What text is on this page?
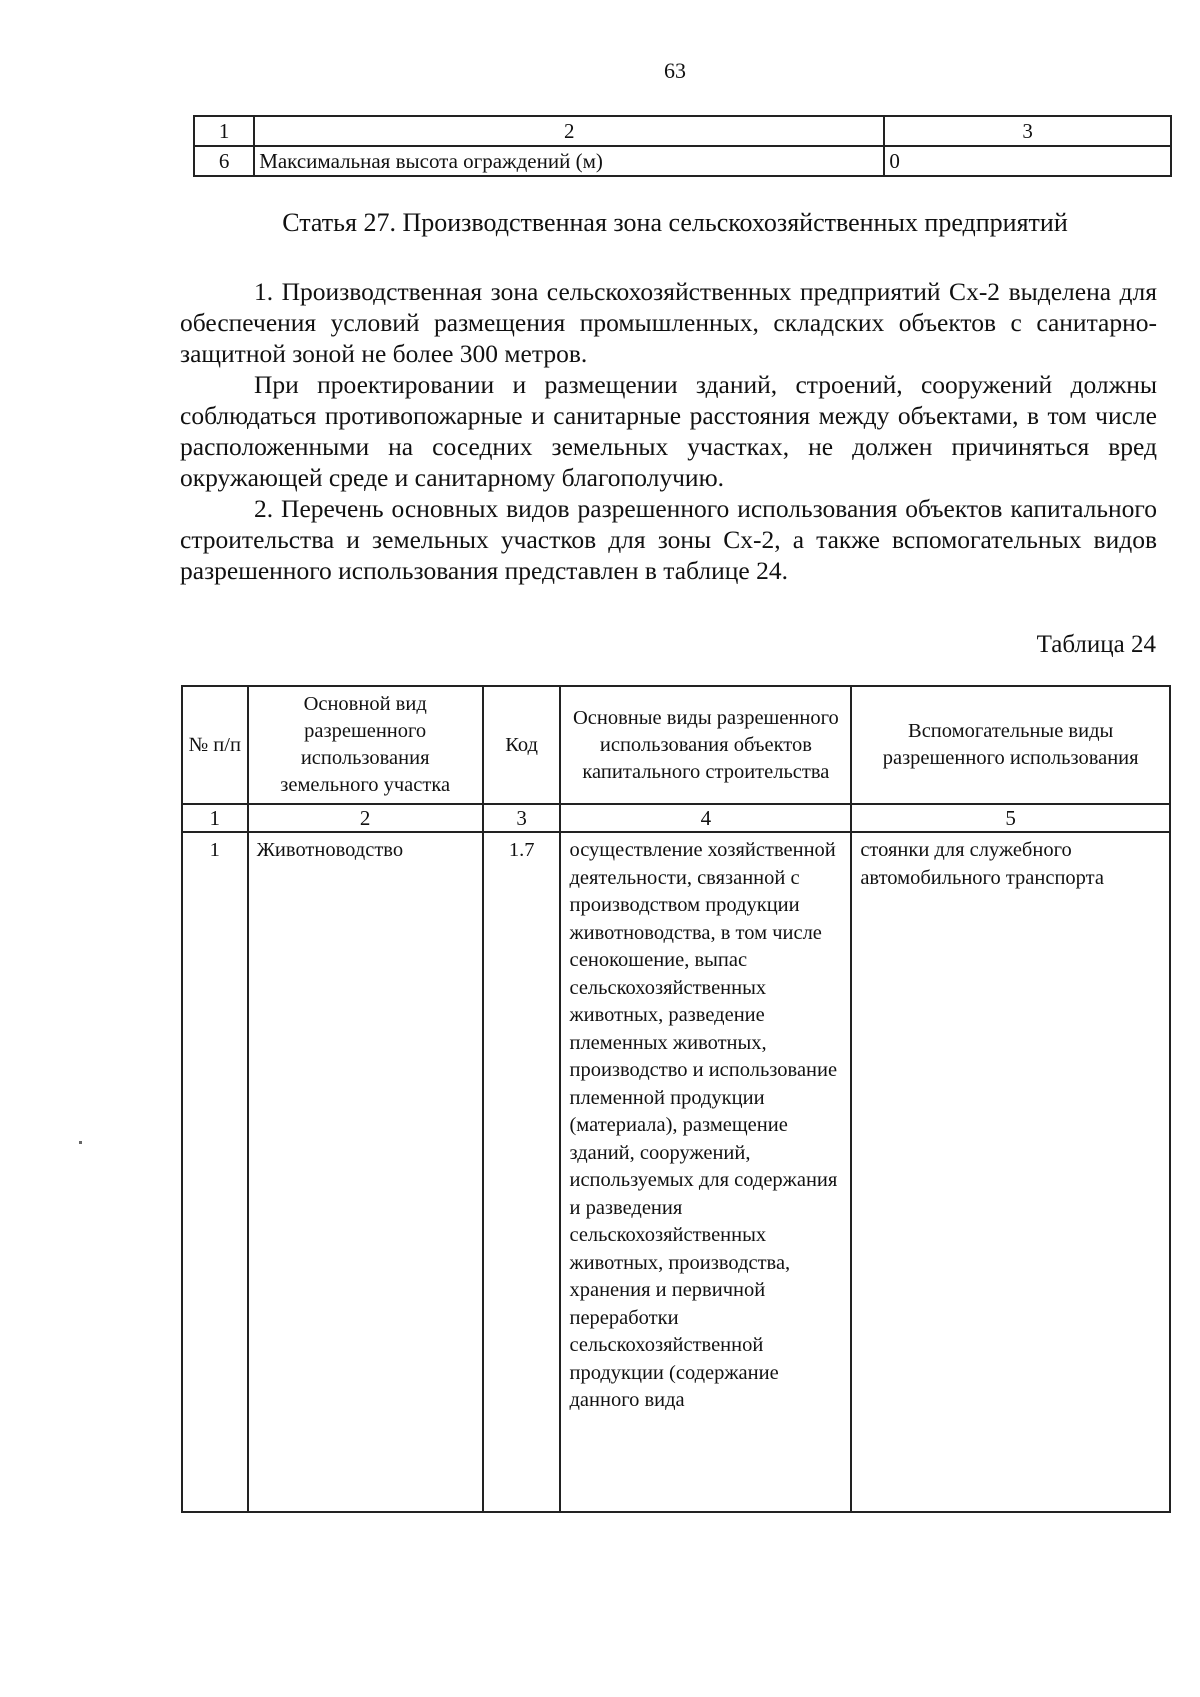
63
1	2	3
6	Максимальная высота ограждений (м)	0
Статья 27. Производственная зона сельскохозяйственных предприятий

1. Производственная зона сельскохозяйственных предприятий Сх-2 выделена для обеспечения условий размещения промышленных, складских объектов с санитарно-защитной зоной не более 300 метров.

При проектировании и размещении зданий, строений, сооружений должны соблюдаться противопожарные и санитарные расстояния между объектами, в том числе расположенными на соседних земельных участках, не должен причиняться вред окружающей среде и санитарному благополучию.

2. Перечень основных видов разрешенного использования объектов капитального строительства и земельных участков для зоны Сх-2, а также вспомогательных видов разрешенного использования представлен в таблице 24.

Таблица 24
№ п/п	Основной вид разрешенного использования земельного участка	Код	Основные виды разрешенного использования объектов капитального строительства	Вспомогательные виды разрешенного использования
1	2	3	4	5
1	Животноводство	1.7	осуществление хозяйственной деятельности, связанной с производством продукции животноводства, в том числе сенокошение, выпас сельскохозяйственных животных, разведение племенных животных, производство и использование племенной продукции (материала), размещение зданий, сооружений, используемых для содержания и разведения сельскохозяйственных животных, производства, хранения и первичной переработки сельскохозяйственной продукции (содержание данного вида	стоянки для служебного автомобильного транспорта
